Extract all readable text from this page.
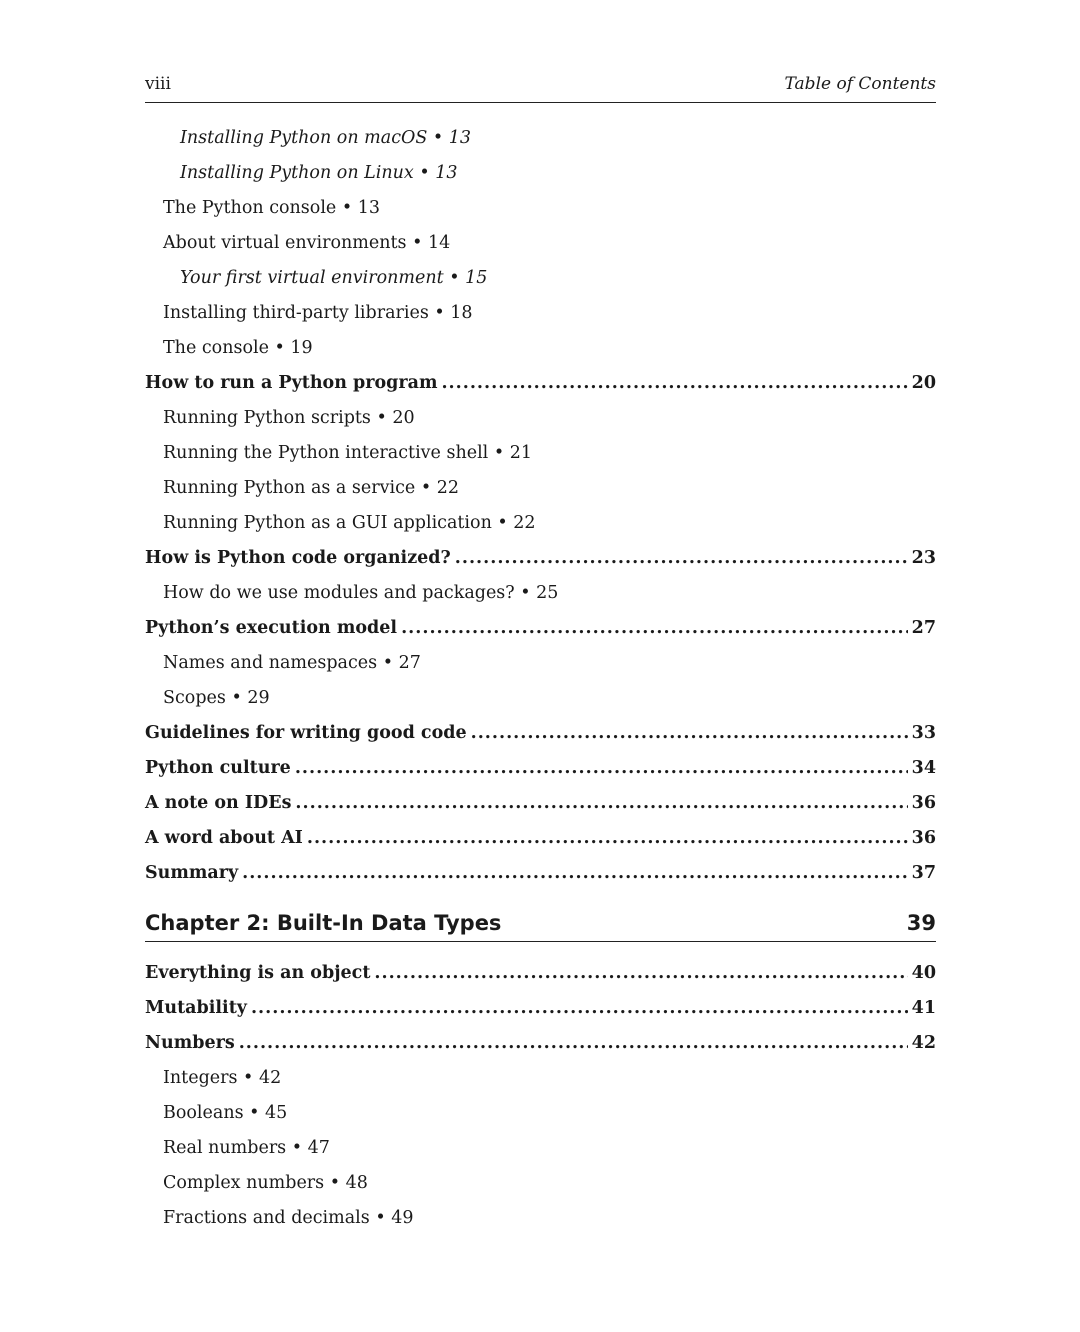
viii	Table of Contents
Installing Python on macOS • 13
Installing Python on Linux • 13
The Python console • 13
About virtual environments • 14
Your first virtual environment • 15
Installing third-party libraries • 18
The console • 19
How to run a Python program .....	20
Running Python scripts • 20
Running the Python interactive shell • 21
Running Python as a service • 22
Running Python as a GUI application • 22
How is Python code organized? .....	23
How do we use modules and packages? • 25
Python’s execution model .....	27
Names and namespaces • 27
Scopes • 29
Guidelines for writing good code .....	33
Python culture .....	34
A note on IDEs .....	36
A word about AI .....	36
Summary .....	37
Chapter 2: Built-In Data Types	39
Everything is an object .....	40
Mutability .....	41
Numbers .....	42
Integers • 42
Booleans • 45
Real numbers • 47
Complex numbers • 48
Fractions and decimals • 49
